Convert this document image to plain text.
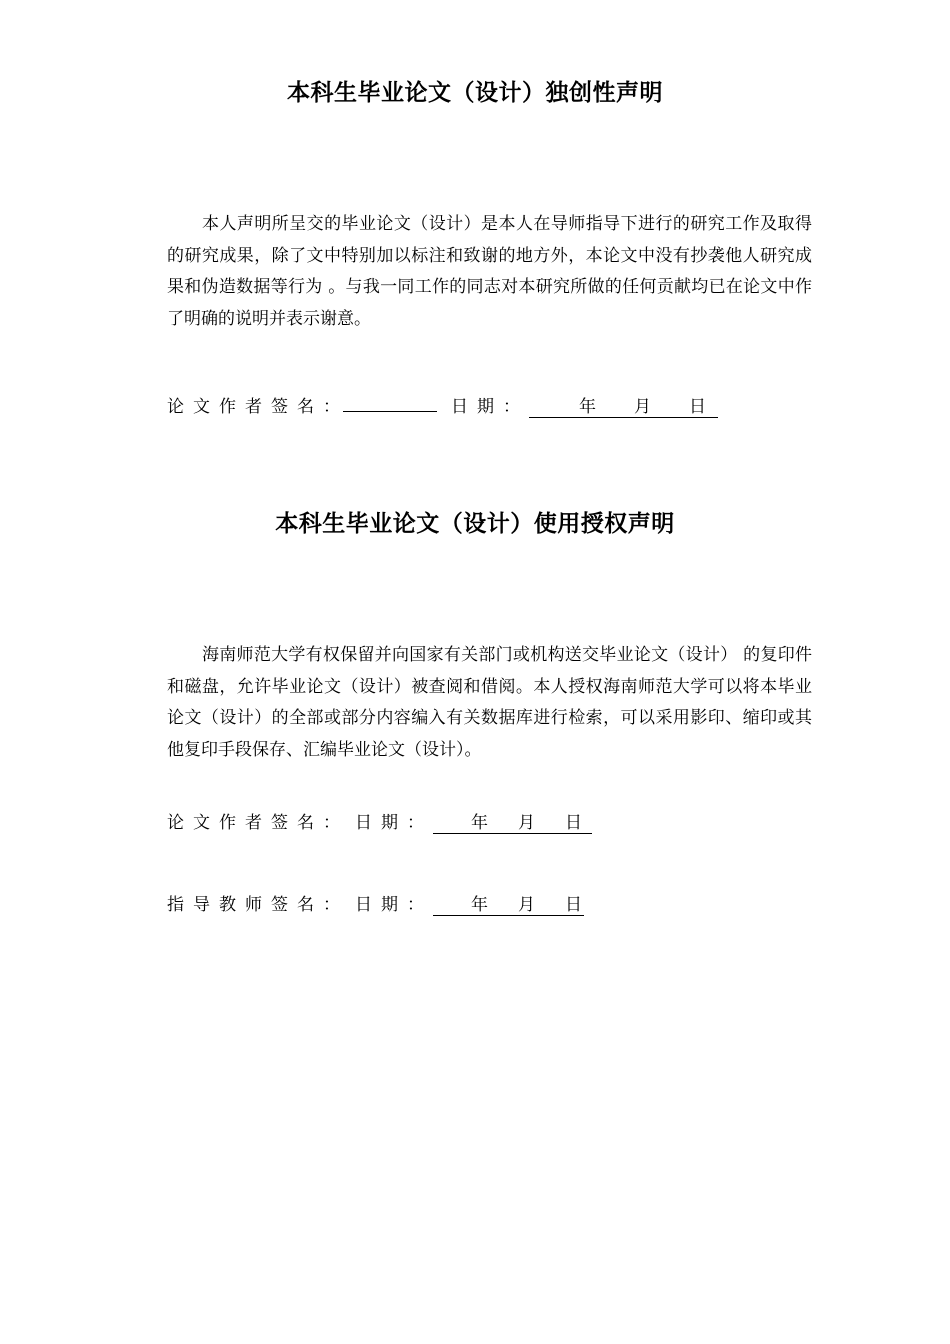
本科生毕业论文（设计）独创性声明

本人声明所呈交的毕业论文（设计）是本人在导师指导下进行的研究工作及取得的研究成果，除了文中特别加以标注和致谢的地方外，本论文中没有抄袭他人研究成果和伪造数据等行为 。与我一同工作的同志对本研究所做的任何贡献均已在论文中作了明确的说明并表示谢意。

论文作者签名：	日期：	年 月 日
本科生毕业论文（设计）使用授权声明

海南师范大学有权保留并向国家有关部门或机构送交毕业论文（设计） 的复印件和磁盘，允许毕业论文（设计）被查阅和借阅。本人授权海南师范大学可以将本毕业论文（设计）的全部或部分内容编入有关数据库进行检索，可以采用影印、缩印或其他复印手段保存、汇编毕业论文（设计）。

论文作者签名： 日期： 年 月 日
指导教师签名： 日期： 年 月 日
